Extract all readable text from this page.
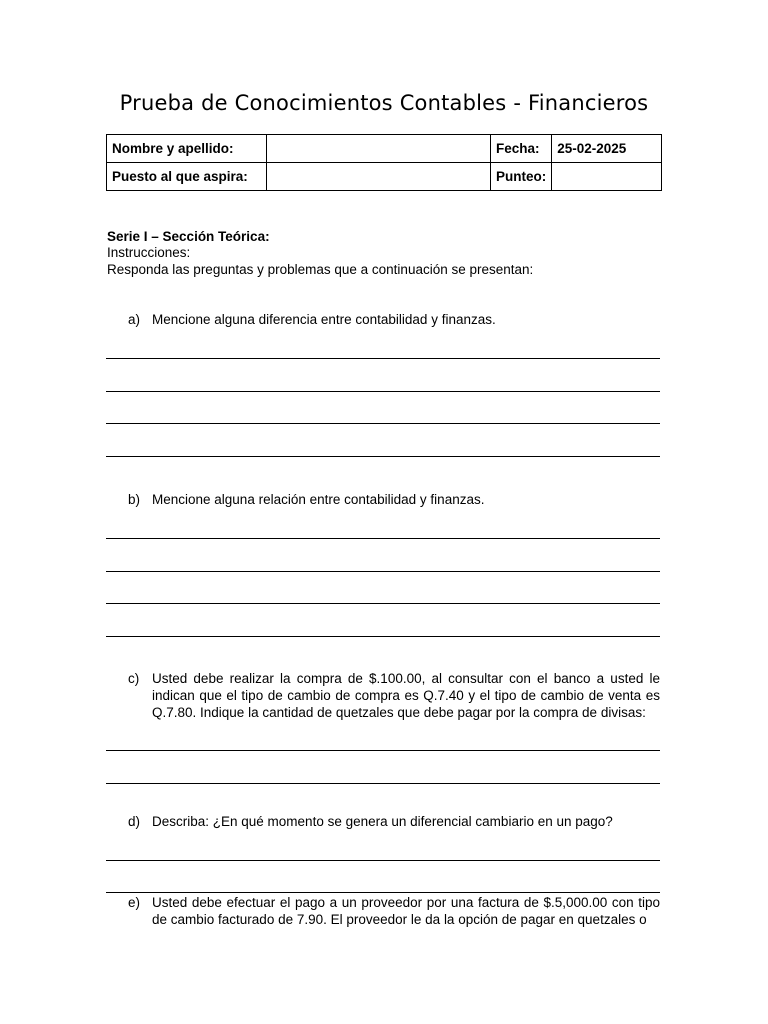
Prueba de Conocimientos Contables - Financieros
Nombre y apellido:		Fecha:	25-02-2025
Puesto al que aspira:		Punteo:	
Serie I – Sección Teórica:
Instrucciones:
Responda las preguntas y problemas que a continuación se presentan:
a) Mencione alguna diferencia entre contabilidad y finanzas.
b) Mencione alguna relación entre contabilidad y finanzas.
c) Usted debe realizar la compra de $.100.00, al consultar con el banco a usted le indican que el tipo de cambio de compra es Q.7.40 y el tipo de cambio de venta es Q.7.80. Indique la cantidad de quetzales que debe pagar por la compra de divisas:
d) Describa: ¿En qué momento se genera un diferencial cambiario en un pago?
e) Usted debe efectuar el pago a un proveedor por una factura de $.5,000.00 con tipo de cambio facturado de 7.90. El proveedor le da la opción de pagar en quetzales o
